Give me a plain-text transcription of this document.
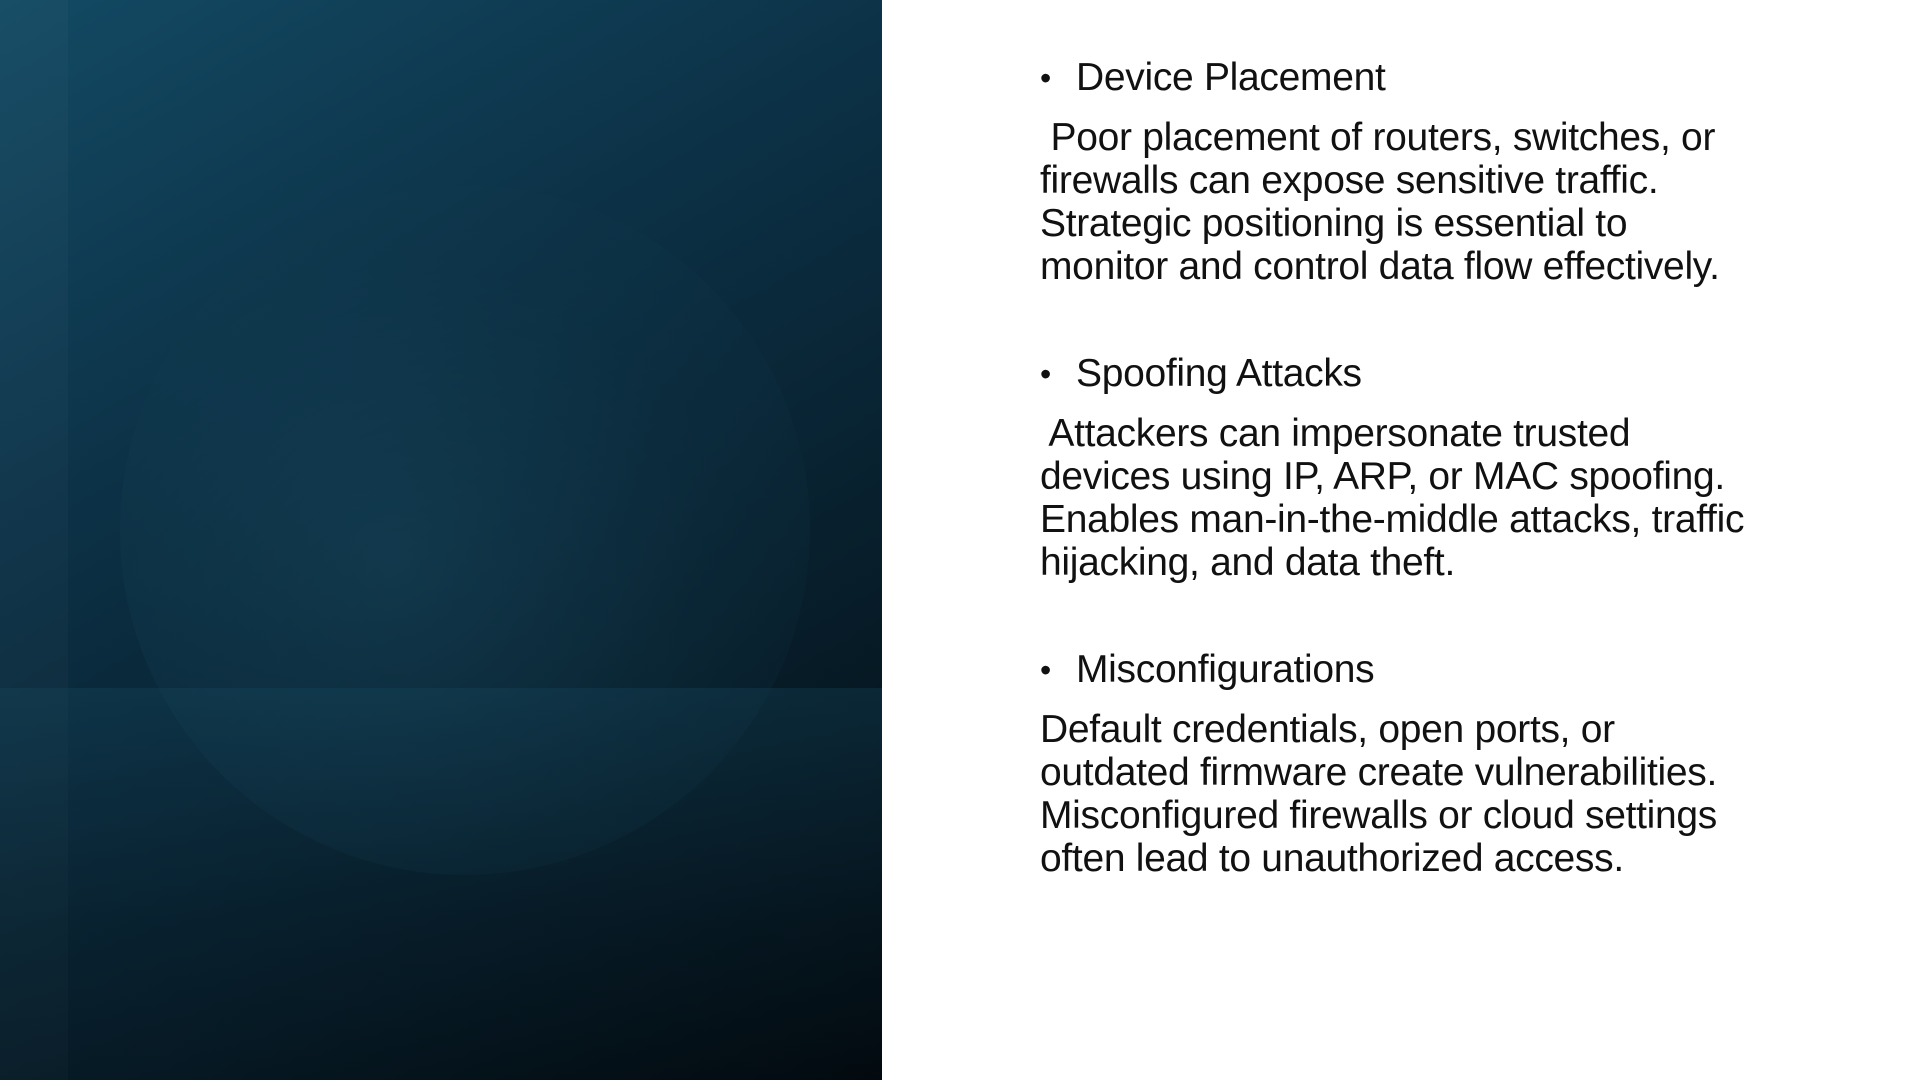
• Device Placement

Poor placement of routers, switches, or
firewalls can expose sensitive traffic.
Strategic positioning is essential to
monitor and control data flow effectively.

• Spoofing Attacks

Attackers can impersonate trusted
devices using IP, ARP, or MAC spoofing.
Enables man-in-the-middle attacks, traffic
hijacking, and data theft.

• Misconfigurations

Default credentials, open ports, or
outdated firmware create vulnerabilities.
Misconfigured firewalls or cloud settings
often lead to unauthorized access.
